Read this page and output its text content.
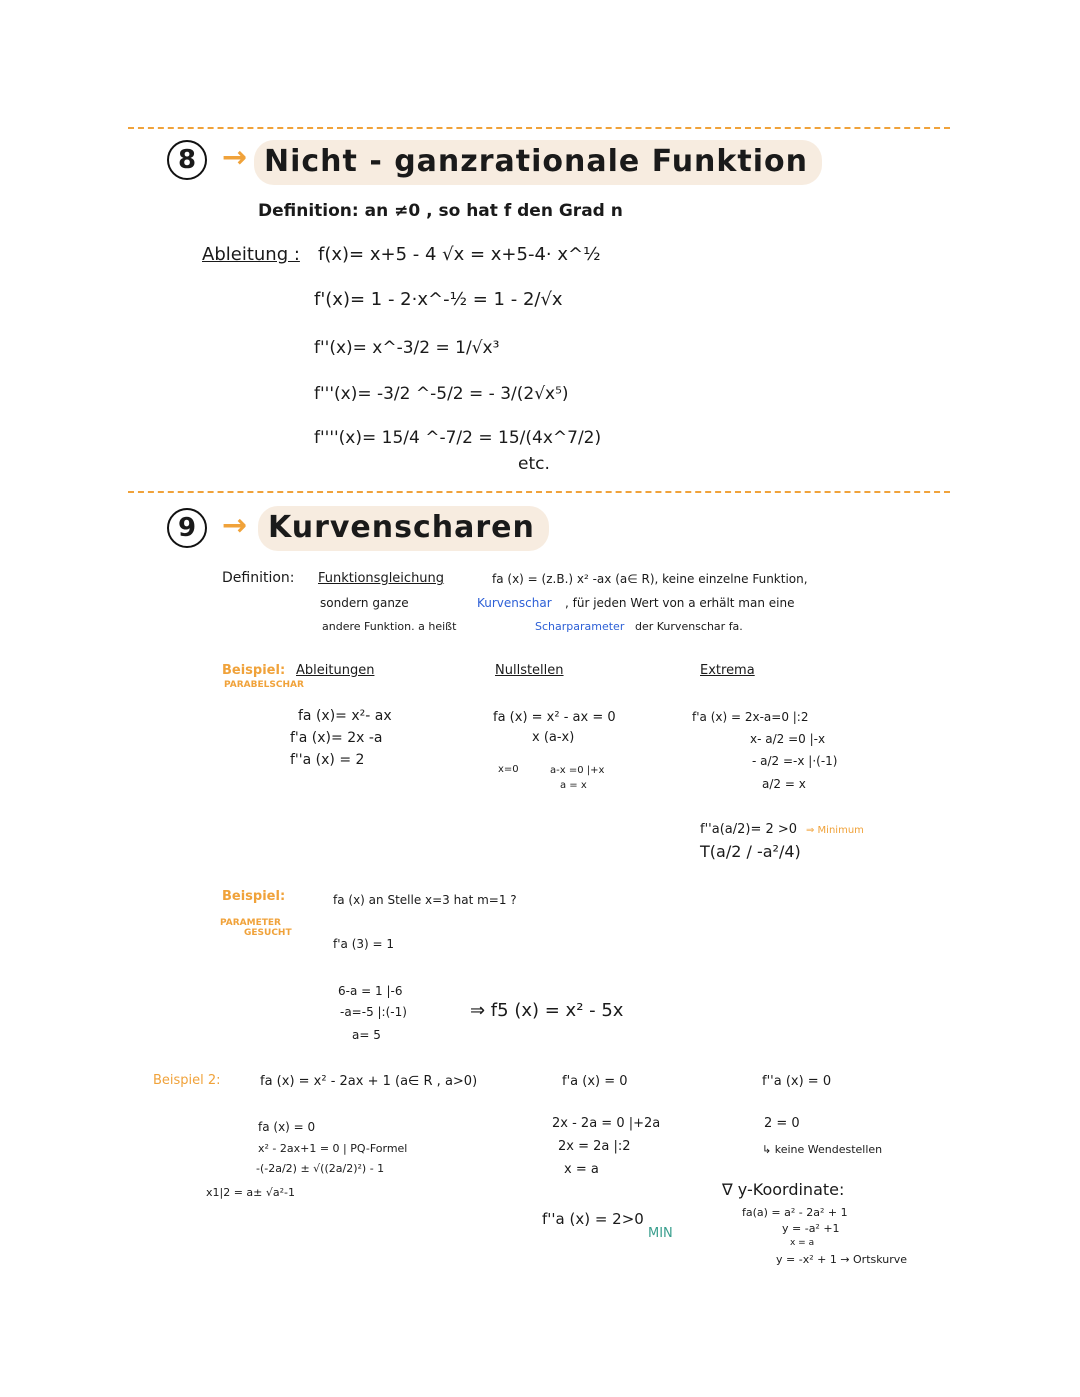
8 → Nicht - ganzrationale Funktion
Definition: an ≠0 , so hat f den Grad n
Ableitung : f(x)= x+5 - 4 √x = x+5-4· x^½
f'(x)= 1 - 2·x^-½ = 1 - 2/√x
f''(x)= x^-3/2 = 1/√x³
f'''(x)= -3/2 ^-5/2 = - 3/(2√x⁵)
f''''(x)= 15/4 ^-7/2 = 15/(4x^7/2)
etc.
9 → Kurvenscharen
Definition: Funktionsgleichung	fa (x) = (z.B.) x² -ax (a∈ R), keine einzelne Funktion,
sondern ganze	Kurvenschar , für jeden Wert von a erhält man eine
andere Funktion. a heißt	Scharparameter der Kurvenschar fa.
Beispiel:
PARABELSCHAR
Ableitungen
fa (x)= x²- ax
f'a (x)= 2x -a
f''a (x) = 2
Nullstellen
fa (x) = x² - ax = 0
x (a-x)
x=0	a-x =0 |+x
a = x
Extrema
f'a (x) = 2x-a=0 |:2
x- a/2 =0 |-x
- a/2 =-x |·(-1)
a/2 = x
f''a(a/2)= 2 >0 ⇒ Minimum
T(a/2 / -a²/4)
Beispiel:
PARAMETER
GESUCHT
fa (x) an Stelle x=3 hat m=1 ?
f'a (3) = 1
6-a = 1 |-6
-a=-5 |:(-1)
a= 5
⇒ f5 (x) = x² - 5x
Beispiel 2:	fa (x) = x² - 2ax + 1 (a∈ R , a>0)
fa (x) = 0
x² - 2ax+1 = 0 | PQ-Formel
-(-2a/2) ± √((2a/2)²) - 1
x1|2 = a± √a²-1
f'a (x) = 0
2x - 2a = 0 |+2a
2x = 2a |:2
x = a
f''a (x) = 2>0
MIN
f''a (x) = 0
2 = 0
↳ keine Wendestellen
∇ y-Koordinate:
fa(a) = a² - 2a² + 1
y = -a² +1
x = a
y = -x² + 1 → Ortskurve
